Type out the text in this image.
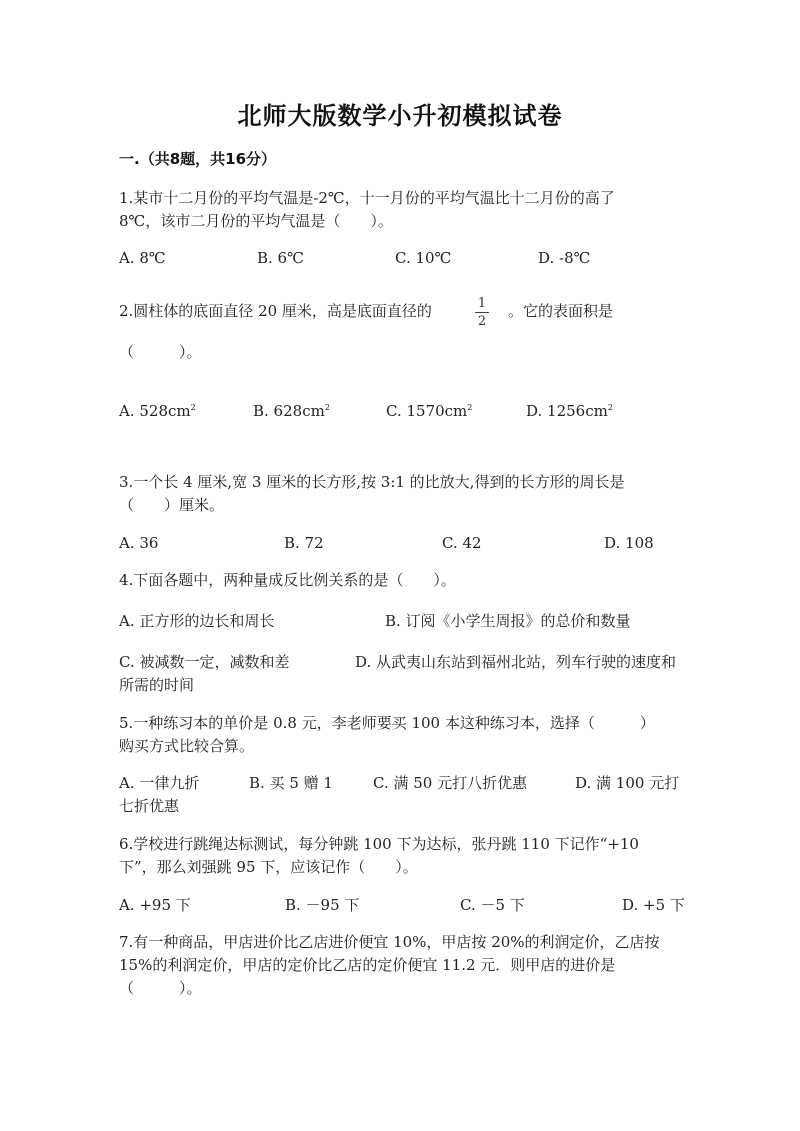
北师大版数学小升初模拟试卷
一.（共8题，共16分）
1.某市十二月份的平均气温是-2℃，十一月份的平均气温比十二月份的高了
8℃，该市二月份的平均气温是（　　）。
A. 8℃	B. 6℃	C. 10℃	D. -8℃
2.圆柱体的底面直径 20 厘米，高是底面直径的	1
2
。它的表面积是
（　　　）。
A. $528cm^2$	B. $628cm^2$	C. $1570cm^2$	D. $1256cm^2$
3.一个长 4 厘米,宽 3 厘米的长方形,按 3:1 的比放大,得到的长方形的周长是
（　　）厘米。
A. 36	B. 72	C. 42	D. 108
4.下面各题中，两种量成反比例关系的是（　　）。
A. 正方形的边长和周长	B. 订阅《小学生周报》的总价和数量
C. 被减数一定，减数和差	D. 从武夷山东站到福州北站，列车行驶的速度和所需的时间
5.一种练习本的单价是 0.8 元，李老师要买 100 本这种练习本，选择（　　　）
购买方式比较合算。
A. 一律九折	B. 买 5 赠 1	C. 满 50 元打八折优惠	D. 满 100 元打七折优惠
6.学校进行跳绳达标测试，每分钟跳 100 下为达标，张丹跳 110 下记作“+10
下”，那么刘强跳 95 下，应该记作（　　）。
A. +95 下	B. －95 下	C. －5 下	D. +5 下
7.有一种商品，甲店进价比乙店进价便宜 10%，甲店按 20%的利润定价，乙店按
15%的利润定价，甲店的定价比乙店的定价便宜 11.2 元．则甲店的进价是
（　　　）。
